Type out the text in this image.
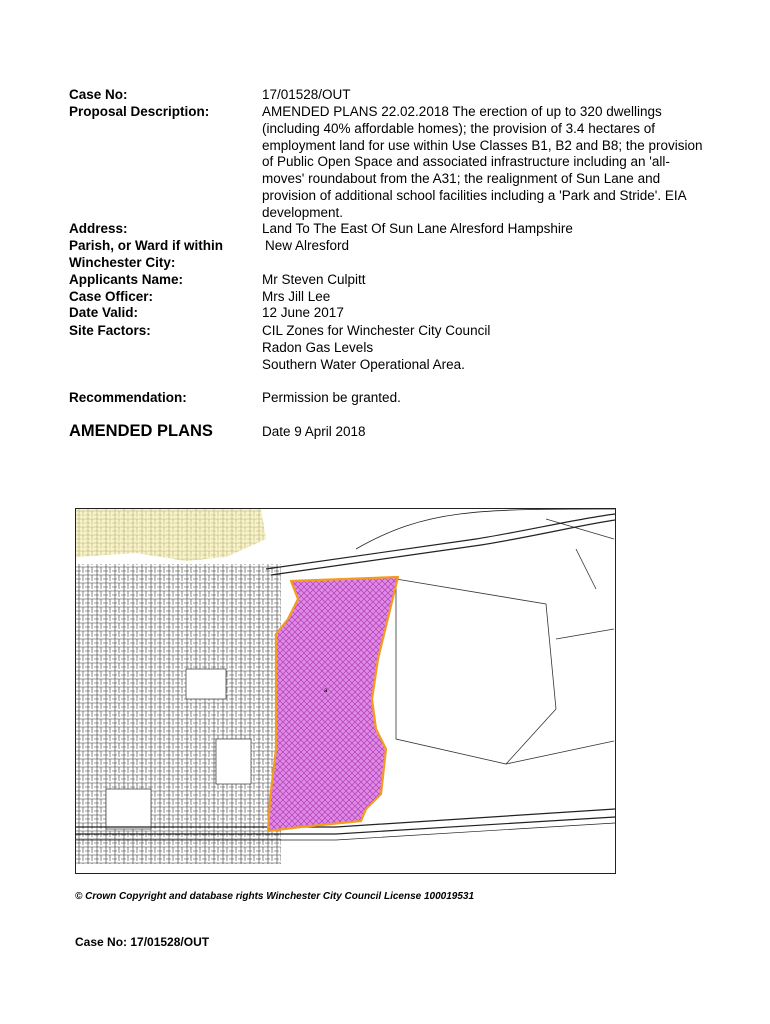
Case No:	17/01528/OUT
Proposal Description:	AMENDED PLANS 22.02.2018 The erection of up to 320 dwellings (including 40% affordable homes); the provision of 3.4 hectares of employment land for use within Use Classes B1, B2 and B8; the provision of Public Open Space and associated infrastructure including an 'all-moves' roundabout from the A31; the realignment of Sun Lane and provision of additional school facilities including a 'Park and Stride'. EIA development.
Address:	Land To The East Of Sun Lane Alresford Hampshire
Parish, or Ward if within Winchester City:
New Alresford
Applicants Name:	Mr Steven Culpitt
Case Officer:	Mrs Jill Lee
Date Valid:	12 June 2017
Site Factors:	CIL Zones for Winchester City Council
Radon Gas Levels
Southern Water Operational Area.
Recommendation:	Permission be granted.
AMENDED PLANS	Date 9 April 2018
a
© Crown Copyright and database rights Winchester City Council License 100019531
Case No: 17/01528/OUT
